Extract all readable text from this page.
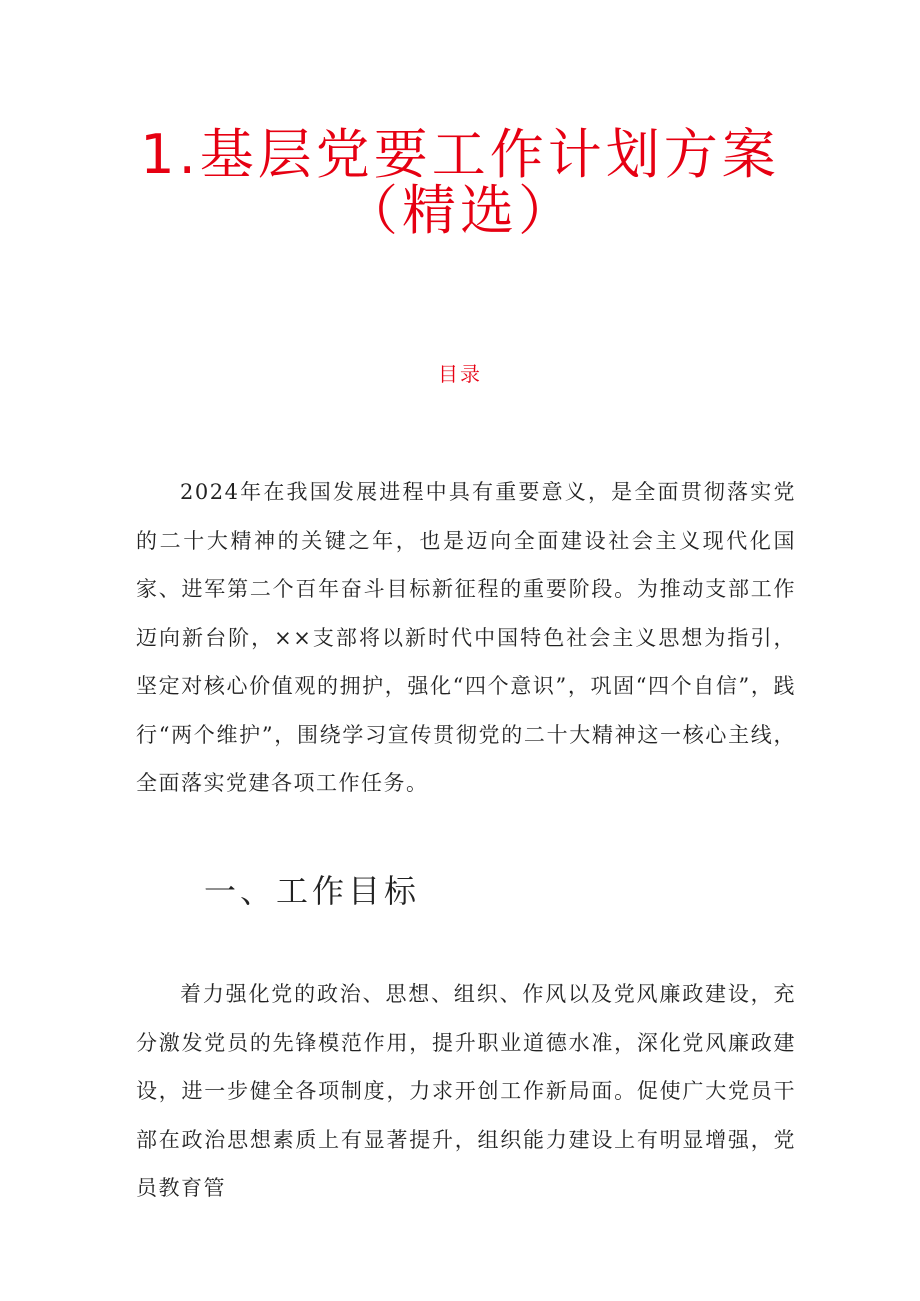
1.基层党要工作计划方案
（精选）
目录

2024年在我国发展进程中具有重要意义，是全面贯彻落实党的二十大精神的关键之年，也是迈向全面建设社会主义现代化国家、进军第二个百年奋斗目标新征程的重要阶段。为推动支部工作迈向新台阶，××支部将以新时代中国特色社会主义思想为指引，坚定对核心价值观的拥护，强化“四个意识”，巩固“四个自信”，践行“两个维护”，围绕学习宣传贯彻党的二十大精神这一核心主线，全面落实党建各项工作任务。

一、工作目标

着力强化党的政治、思想、组织、作风以及党风廉政建设，充分激发党员的先锋模范作用，提升职业道德水准，深化党风廉政建设，进一步健全各项制度，力求开创工作新局面。促使广大党员干部在政治思想素质上有显著提升，组织能力建设上有明显增强，党员教育管
